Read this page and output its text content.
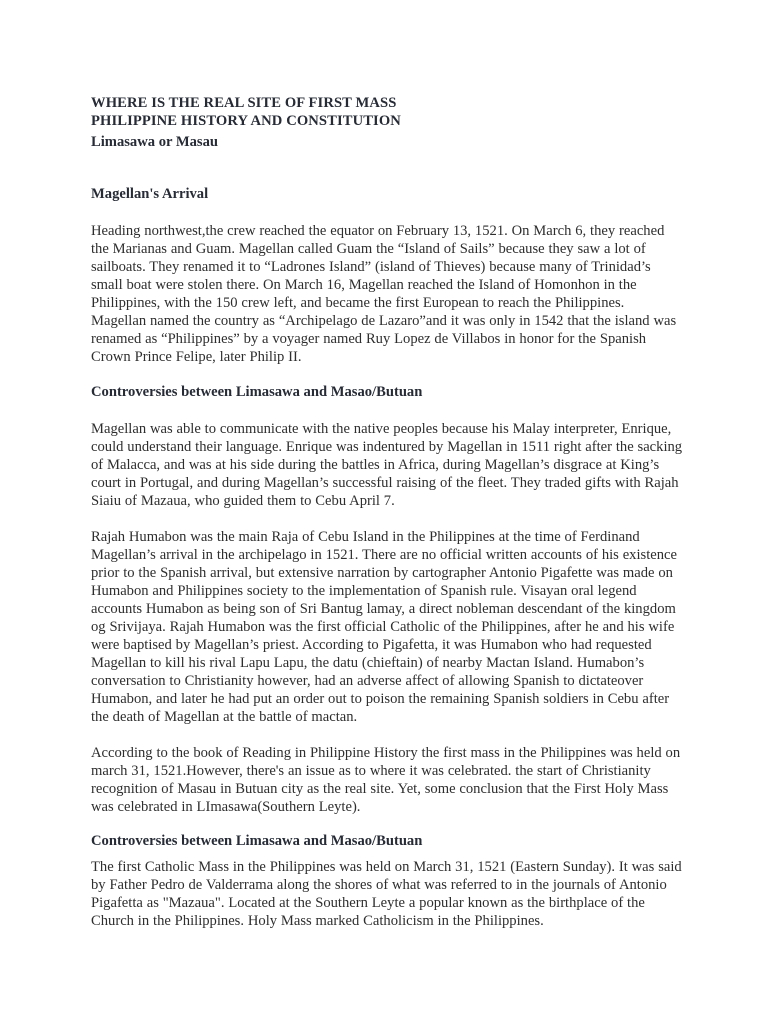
WHERE IS THE REAL SITE OF FIRST MASS
PHILIPPINE HISTORY AND CONSTITUTION
Limasawa or Masau
Magellan's Arrival

Heading northwest,the crew reached the equator on February 13, 1521. On March 6, they reached the Marianas and Guam. Magellan called Guam the “Island of Sails” because they saw a lot of sailboats. They renamed it to “Ladrones Island” (island of Thieves) because many of Trinidad’s small boat were stolen there. On March 16, Magellan reached the Island of Homonhon in the Philippines, with the 150 crew left, and became the first European to reach the Philippines. Magellan named the country as “Archipelago de Lazaro”and it was only in 1542 that the island was renamed as “Philippines” by a voyager named Ruy Lopez de Villabos in honor for the Spanish Crown Prince Felipe, later Philip II.

Controversies between Limasawa and Masao/Butuan

Magellan was able to communicate with the native peoples because his Malay interpreter, Enrique, could understand their language. Enrique was indentured by Magellan in 1511 right after the sacking of Malacca, and was at his side during the battles in Africa, during Magellan’s disgrace at King’s court in Portugal, and during Magellan’s successful raising of the fleet. They traded gifts with Rajah Siaiu of Mazaua, who guided them to Cebu April 7.

Rajah Humabon was the main Raja of Cebu Island in the Philippines at the time of Ferdinand Magellan’s arrival in the archipelago in 1521. There are no official written accounts of his existence prior to the Spanish arrival, but extensive narration by cartographer Antonio Pigafette was made on Humabon and Philippines society to the implementation of Spanish rule. Visayan oral legend accounts Humabon as being son of Sri Bantug lamay, a direct nobleman descendant of the kingdom og Srivijaya. Rajah Humabon was the first official Catholic of the Philippines, after he and his wife were baptised by Magellan’s priest. According to Pigafetta, it was Humabon who had requested Magellan to kill his rival Lapu Lapu, the datu (chieftain) of nearby Mactan Island. Humabon’s conversation to Christianity however, had an adverse affect of allowing Spanish to dictateover Humabon, and later he had put an order out to poison the remaining Spanish soldiers in Cebu after the death of Magellan at the battle of mactan.

According to the book of Reading in Philippine History the first mass in the Philippines was held on march 31, 1521.However, there's an issue as to where it was celebrated. the start of Christianity recognition of Masau in Butuan city as the real site. Yet, some conclusion that the First Holy Mass was celebrated in LImasawa(Southern Leyte).

Controversies between Limasawa and Masao/Butuan

The first Catholic Mass in the Philippines was held on March 31, 1521 (Eastern Sunday). It was said by Father Pedro de Valderrama along the shores of what was referred to in the journals of Antonio Pigafetta as "Mazaua". Located at the Southern Leyte a popular known as the birthplace of the Church in the Philippines. Holy Mass marked Catholicism in the Philippines.
